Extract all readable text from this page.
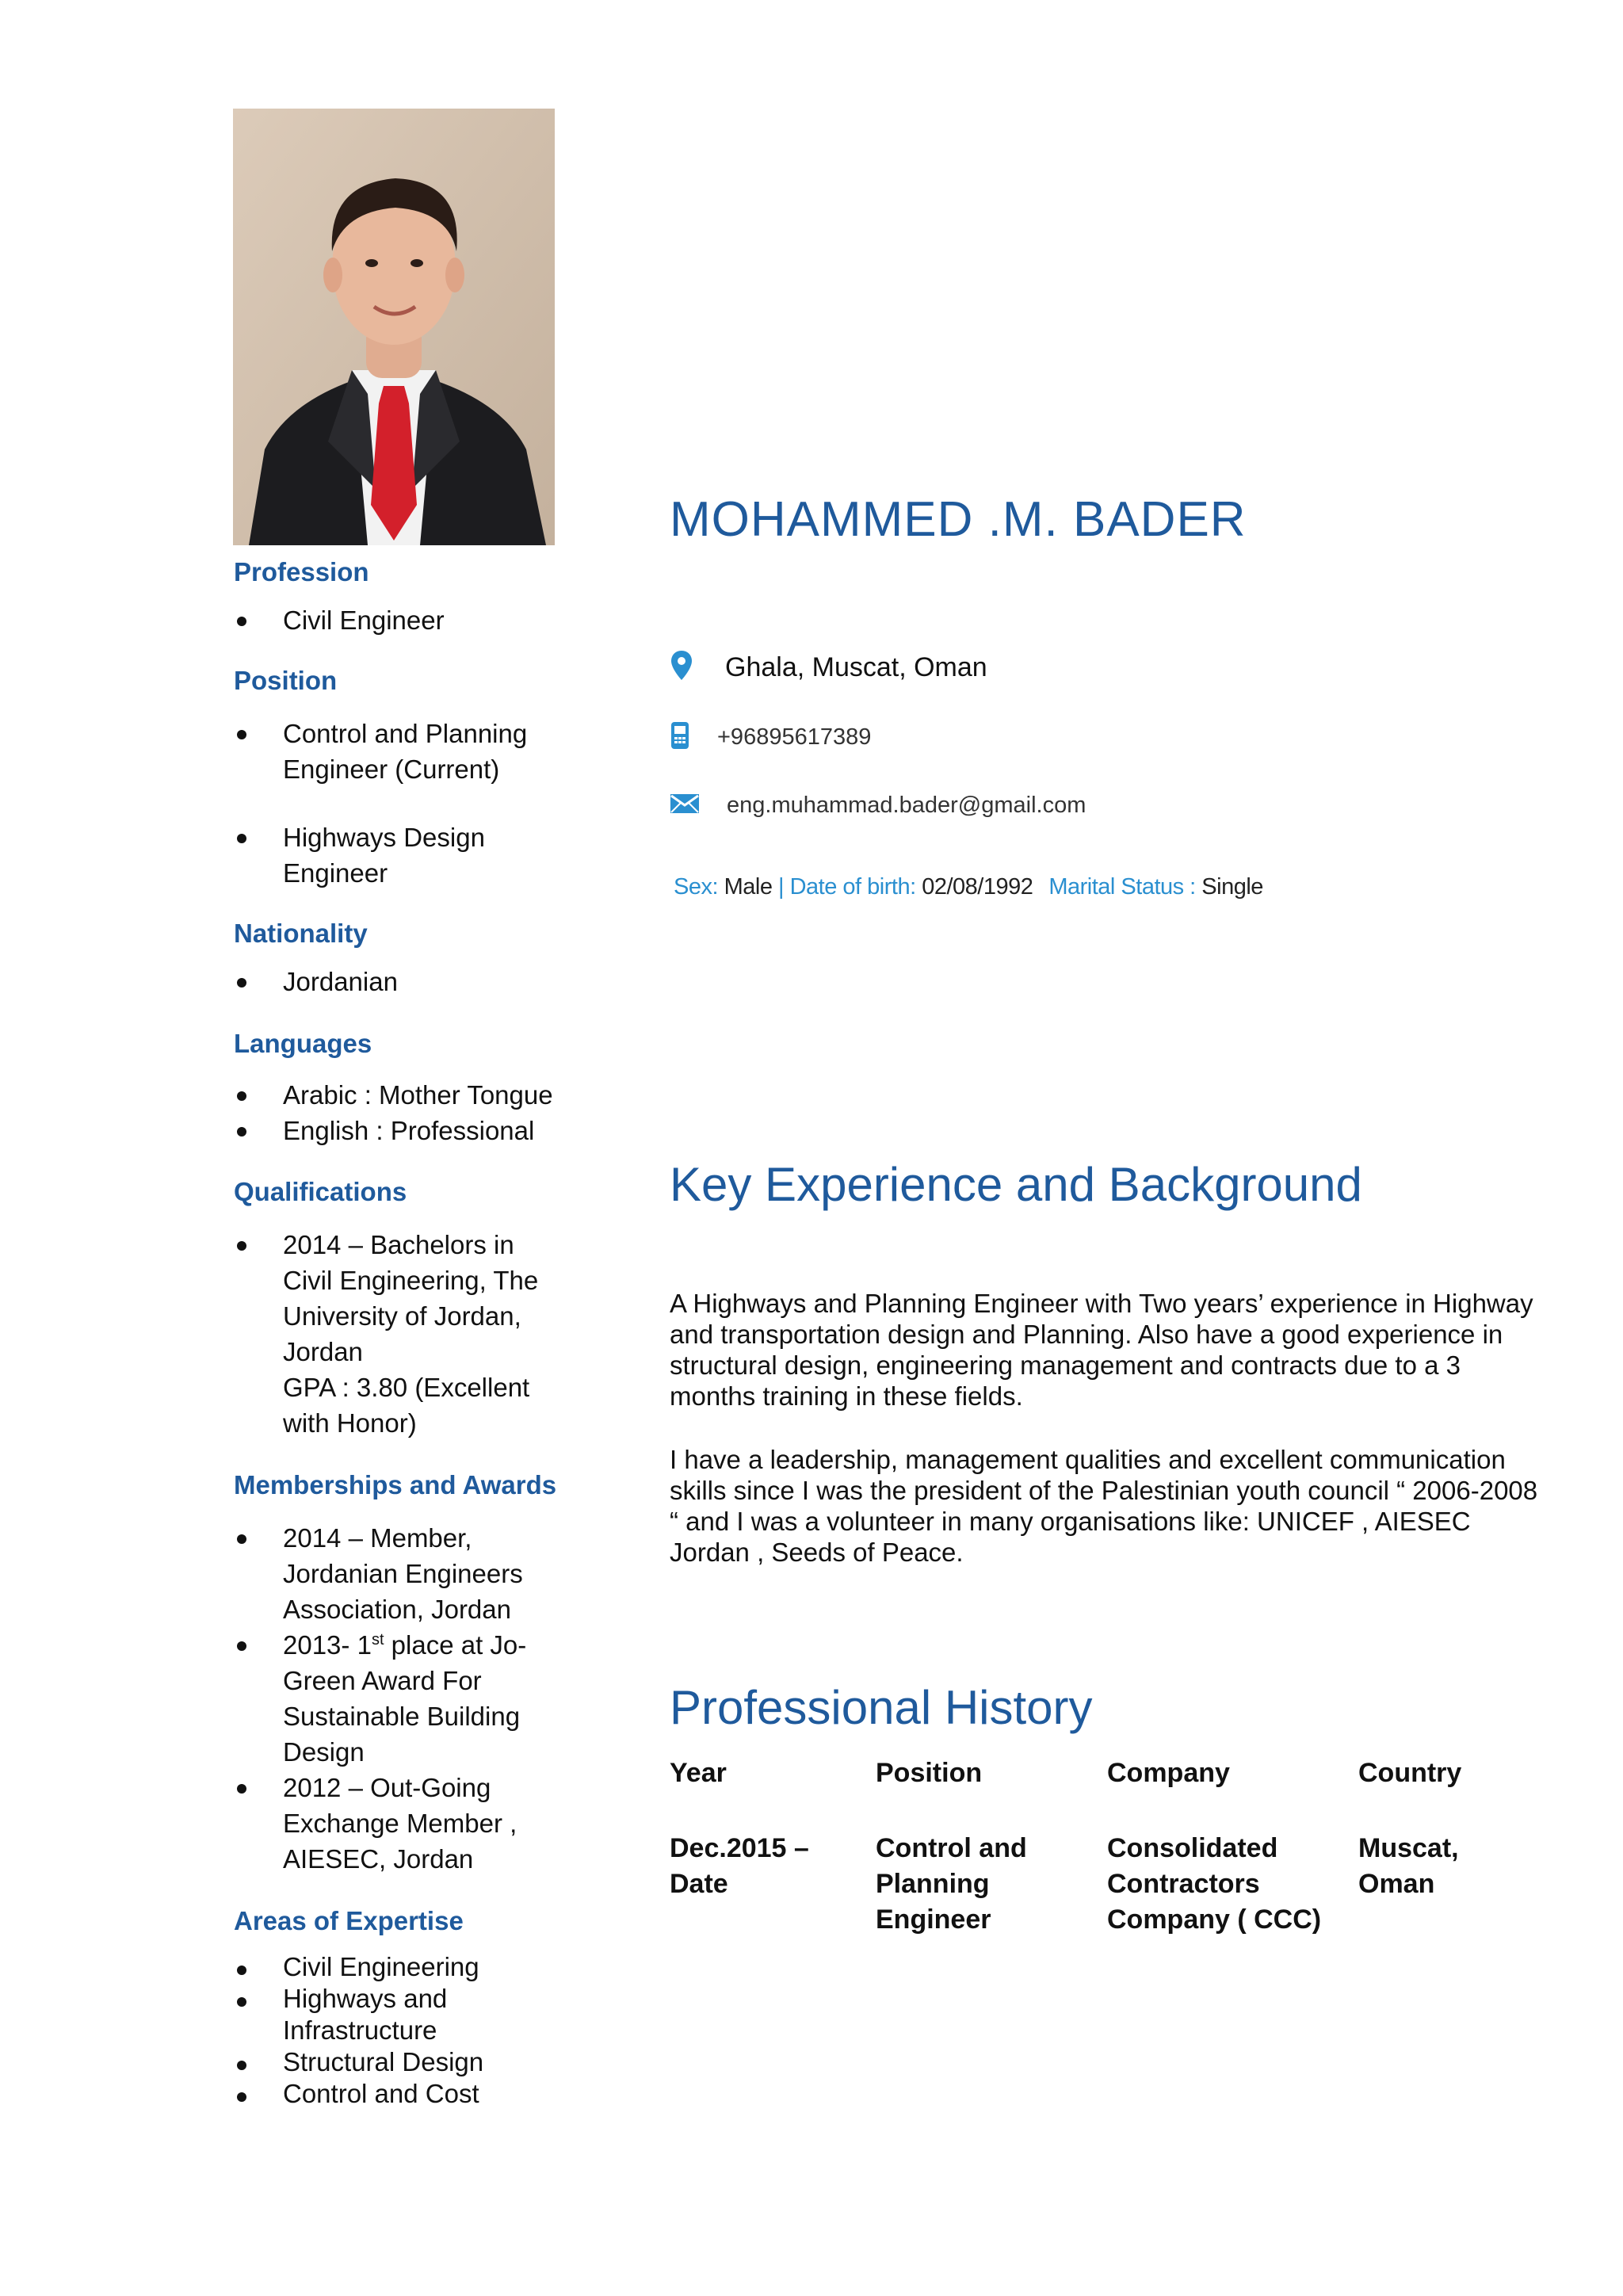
Profession
Civil Engineer
Position
Control and Planning Engineer (Current)
Highways Design Engineer
Nationality
Jordanian
Languages
Arabic : Mother Tongue
English : Professional
Qualifications
2014 – Bachelors in Civil Engineering, The University of Jordan, Jordan
GPA : 3.80 (Excellent with Honor)
Memberships and Awards
2014 – Member, Jordanian Engineers Association, Jordan
2013- 1st place at Jo-Green Award For Sustainable Building Design
2012 – Out-Going Exchange Member , AIESEC, Jordan
Areas of Expertise
Civil Engineering
Highways and Infrastructure
Structural Design
Control and Cost
MOHAMMED .M. BADER
Ghala, Muscat, Oman
+96895617389
eng.muhammad.bader@gmail.com
Sex: Male | Date of birth: 02/08/1992 Marital Status : Single
Key Experience and Background

A Highways and Planning Engineer with Two years’ experience in Highway and transportation design and Planning. Also have a good experience in structural design, engineering management and contracts due to a 3 months training in these fields.

I have a leadership, management qualities and excellent communication skills since I was the president of the Palestinian youth council “ 2006-2008 “ and I was a volunteer in many organisations like: UNICEF , AIESEC Jordan , Seeds of Peace.

Professional History
Year	Position	Company	Country
Dec.2015 – Date	Control and Planning Engineer	Consolidated Contractors Company ( CCC)	Muscat, Oman
